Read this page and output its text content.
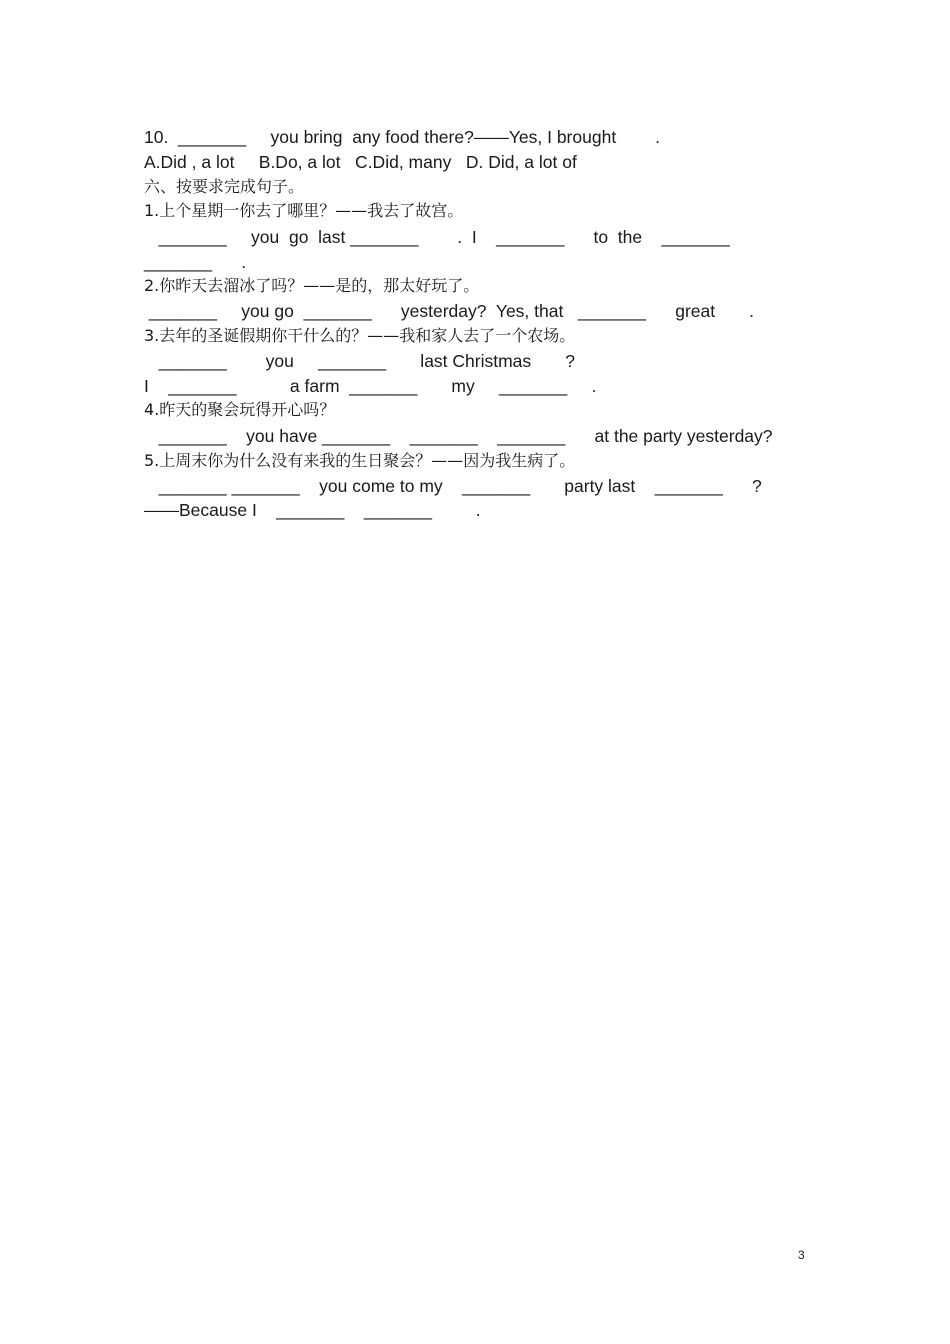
10.  _______     you bring  any food there?——Yes, I brought        .
A.Did , a lot     B.Do, a lot   C.Did, many   D. Did, a lot of
六、按要求完成句子。
1.上个星期一你去了哪里？——我去了故宫。
_______     you  go  last _______        .  I    _______      to  the    _______
_______      .
2.你昨天去溜冰了吗？——是的，那太好玩了。
_______     you go  _______      yesterday?  Yes, that   _______      great       .
3.去年的圣诞假期你干什么的？——我和家人去了一个农场。
_______        you     _______       last Christmas       ?
I    _______           a farm  _______       my     _______     .
4.昨天的聚会玩得开心吗？
_______    you have _______    _______    _______      at the party yesterday?
5.上周末你为什么没有来我的生日聚会？——因为我生病了。
_______ _______    you come to my    _______       party last    _______      ?
——Because I    _______    _______         .
3
